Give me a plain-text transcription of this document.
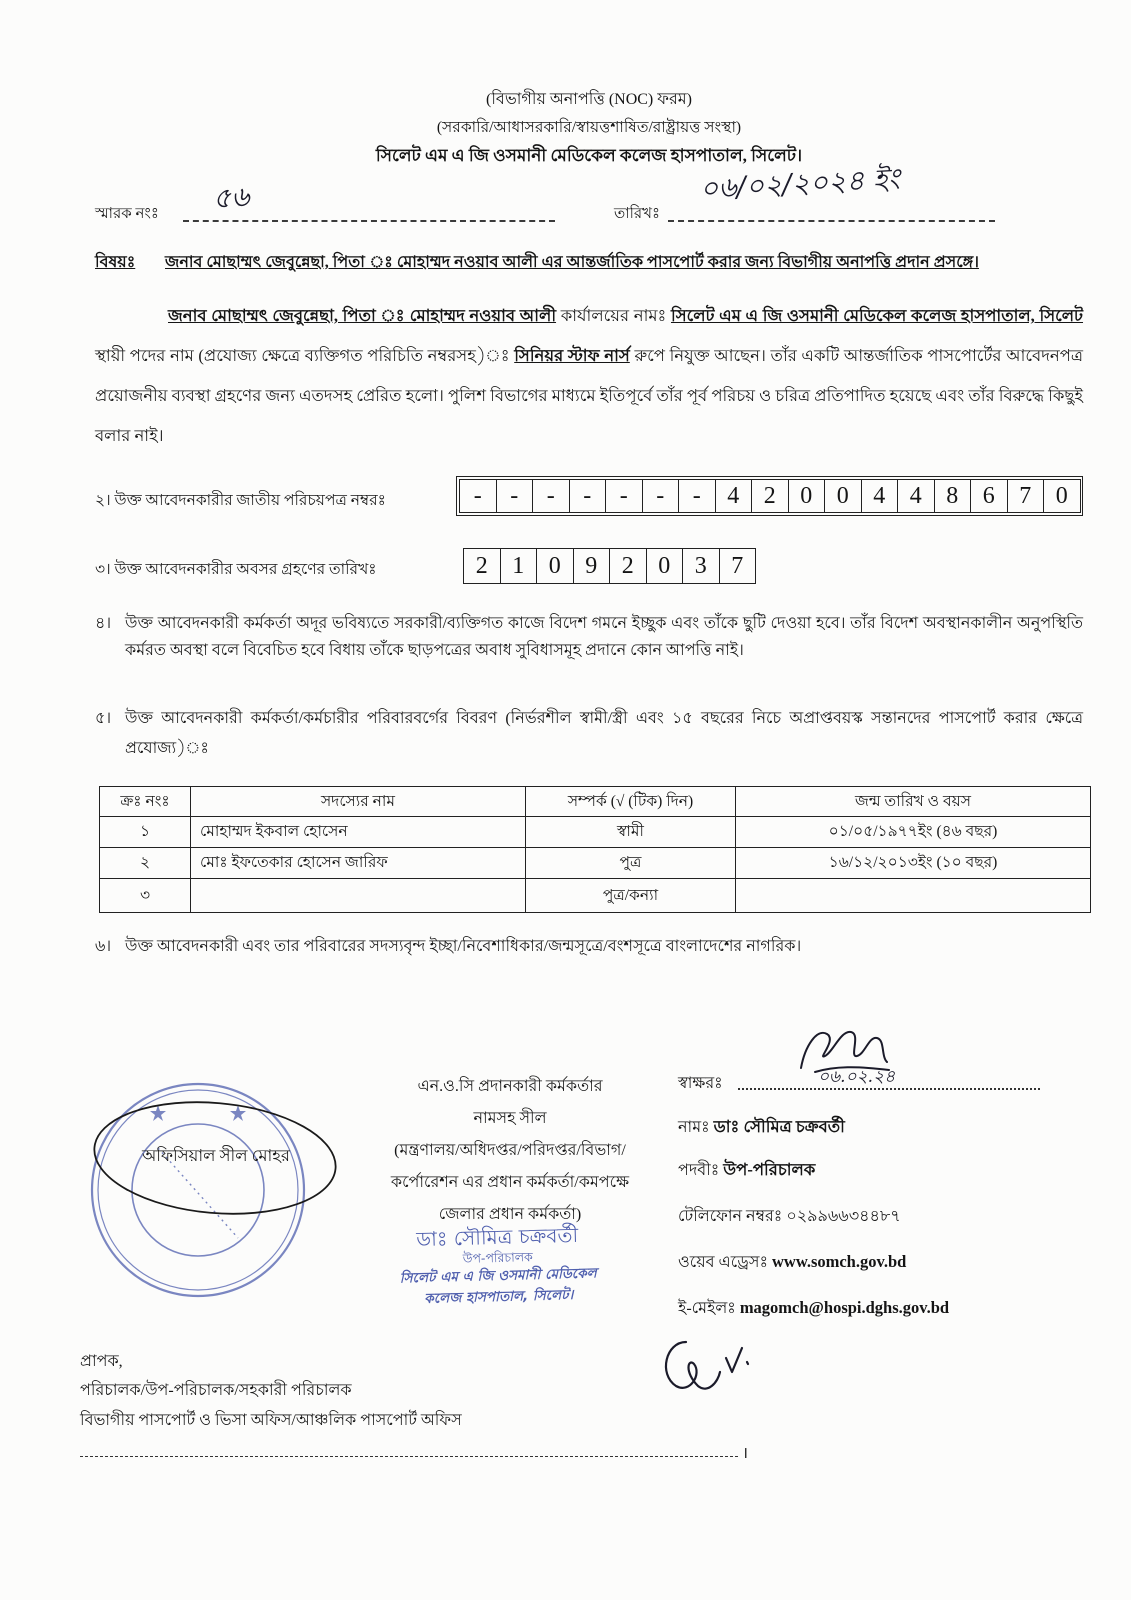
(বিভাগীয় অনাপত্তি (NOC) ফরম)
(সরকারি/আধাসরকারি/স্বায়ত্তশাষিত/রাষ্ট্রায়ত্ত সংস্থা)
সিলেট এম এ জি ওসমানী মেডিকেল কলেজ হাসপাতাল, সিলেট।
স্মারক নংঃ ৫৬	তারিখঃ
০৬/০২/২০২৪ ইং
বিষয়ঃ	জনাব মোছাম্মৎ জেবুন্নেছা, পিতা ঃ মোহাম্মদ নওয়াব আলী এর আন্তর্জাতিক পাসপোর্ট করার জন্য বিভাগীয় অনাপত্তি প্রদান প্রসঙ্গে।

জনাব মোছাম্মৎ জেবুন্নেছা, পিতা ঃ মোহাম্মদ নওয়াব আলী কার্যালয়ের নামঃ সিলেট এম এ জি ওসমানী মেডিকেল কলেজ হাসপাতাল, সিলেট স্থায়ী পদের নাম (প্রযোজ্য ক্ষেত্রে ব্যক্তিগত পরিচিতি নম্বরসহ)ঃ সিনিয়র স্টাফ নার্স রুপে নিযুক্ত আছেন। তাঁর একটি আন্তর্জাতিক পাসপোর্টের আবেদনপত্র প্রয়োজনীয় ব্যবস্থা গ্রহণের জন্য এতদসহ প্রেরিত হলো। পুলিশ বিভাগের মাধ্যমে ইতিপূর্বে তাঁর পূর্ব পরিচয় ও চরিত্র প্রতিপাদিত হয়েছে এবং তাঁর বিরুদ্ধে কিছুই বলার নাই।

২। উক্ত আবেদনকারীর জাতীয় পরিচয়পত্র নম্বরঃ	-	-	-	-	-	-	-	4	2	0	0	4	4	8	6	7	0
৩। উক্ত আবেদনকারীর অবসর গ্রহণের তারিখঃ	2	1	0	9	2	0	3	7
৪। উক্ত আবেদনকারী কর্মকর্তা অদূর ভবিষ্যতে সরকারী/ব্যক্তিগত কাজে বিদেশ গমনে ইচ্ছুক এবং তাঁকে ছুটি দেওয়া হবে। তাঁর বিদেশ অবস্থানকালীন অনুপস্থিতি কর্মরত অবস্থা বলে বিবেচিত হবে বিধায় তাঁকে ছাড়পত্রের অবাধ সুবিধাসমূহ প্রদানে কোন আপত্তি নাই।
৫। উক্ত আবেদনকারী কর্মকর্তা/কর্মচারীর পরিবারবর্গের বিবরণ (নির্ভরশীল স্বামী/স্ত্রী এবং ১৫ বছরের নিচে অপ্রাপ্তবয়স্ক সন্তানদের পাসপোর্ট করার ক্ষেত্রে প্রযোজ্য)ঃ
ক্রঃ নংঃ	সদস্যের নাম	সম্পর্ক (√ (টিক) দিন)	জন্ম তারিখ ও বয়স
১	মোহাম্মদ ইকবাল হোসেন	স্বামী	০১/০৫/১৯৭৭ইং (৪৬ বছর)
২	মোঃ ইফতেকার হোসেন জারিফ	পুত্র	১৬/১২/২০১৩ইং (১০ বছর)
৩		পুত্র/কন্যা	
৬। উক্ত আবেদনকারী এবং তার পরিবারের সদস্যবৃন্দ ইচ্ছা/নিবেশাধিকার/জন্মসূত্রে/বংশসূত্রে বাংলাদেশের নাগরিক।
অফিসিয়াল সীল মোহর
এন.ও.সি প্রদানকারী কর্মকর্তার
নামসহ সীল
(মন্ত্রণালয়/অধিদপ্তর/পরিদপ্তর/বিভাগ/
কর্পোরেশন এর প্রধান কর্মকর্তা/কমপক্ষে
জেলার প্রধান কর্মকর্তা)
ডাঃ সৌমিত্র চক্রবর্তী
উপ-পরিচালক
সিলেট এম এ জি ওসমানী মেডিকেল
কলেজ হাসপাতাল, সিলেট।
স্বাক্ষরঃ	০৬.০২.২৪
নামঃ ডাঃ সৌমিত্র চক্রবর্তী
পদবীঃ উপ-পরিচালক
টেলিফোন নম্বরঃ ০২৯৯৬৬৩৪৪৮৭
ওয়েব এড্রেসঃ www.somch.gov.bd
ই-মেইলঃ magomch@hospi.dghs.gov.bd
প্রাপক,
পরিচালক/উপ-পরিচালক/সহকারী পরিচালক
বিভাগীয় পাসপোর্ট ও ভিসা অফিস/আঞ্চলিক পাসপোর্ট অফিস
।
